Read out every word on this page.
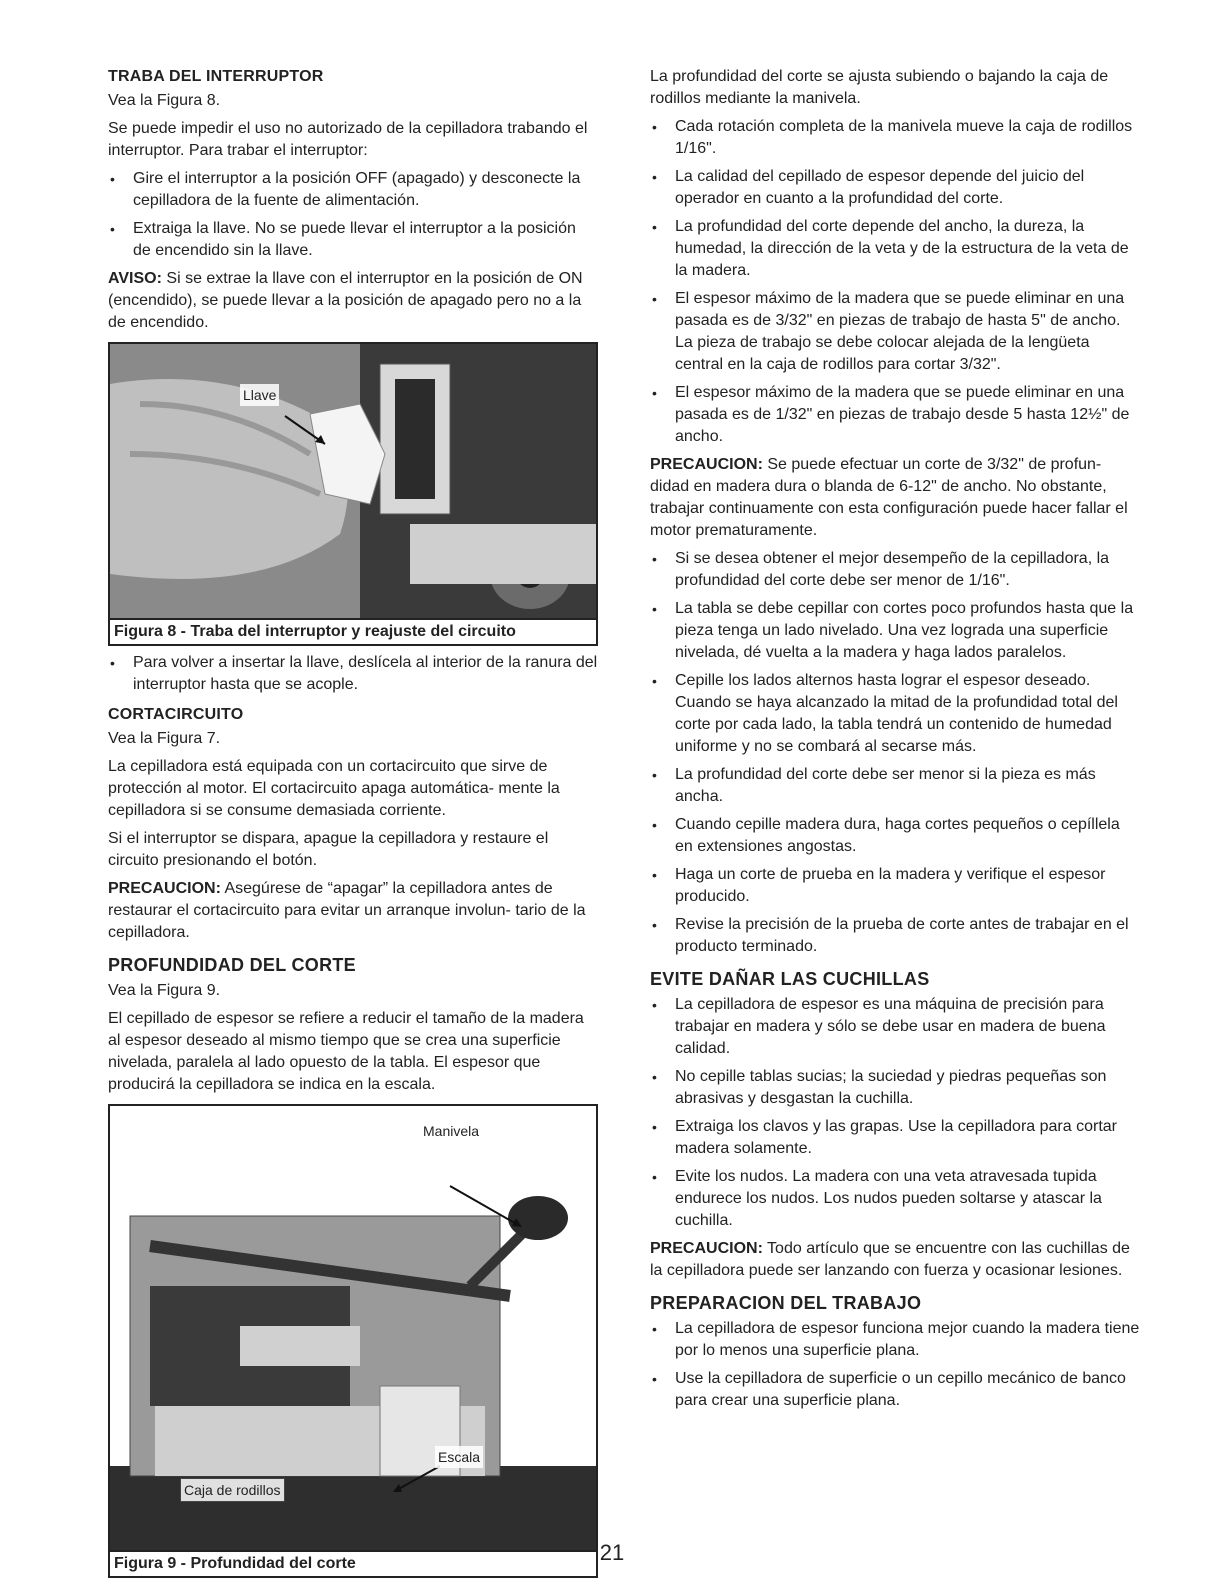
TRABA DEL INTERRUPTOR

Vea la Figura 8.

Se puede impedir el uso no autorizado de la cepilladora trabando el interruptor. Para trabar el interruptor:

• Gire el interruptor a la posición OFF (apagado) y desconecte la cepilladora de la fuente de alimentación.
• Extraiga la llave. No se puede llevar el interruptor a la posición de encendido sin la llave.

AVISO: Si se extrae la llave con el interruptor en la posición de ON (encendido), se puede llevar a la posición de apagado pero no a la de encendido.

Llave
Figura 8 - Traba del interruptor y reajuste del circuito
• Para volver a insertar la llave, deslícela al interior de la ranura del interruptor hasta que se acople.
CORTACIRCUITO

Vea la Figura 7.

La cepilladora está equipada con un cortacircuito que sirve de protección al motor. El cortacircuito apaga automática- mente la cepilladora si se consume demasiada corriente.

Si el interruptor se dispara, apague la cepilladora y restaure el circuito presionando el botón.

PRECAUCION: Asegúrese de “apagar” la cepilladora antes de restaurar el cortacircuito para evitar un arranque involun- tario de la cepilladora.

PROFUNDIDAD DEL CORTE

Vea la Figura 9.

El cepillado de espesor se refiere a reducir el tamaño de la madera al espesor deseado al mismo tiempo que se crea una superficie nivelada, paralela al lado opuesto de la tabla. El espesor que producirá la cepilladora se indica en la escala.

Manivela
Escala
Caja de rodillos
Figura 9 - Profundidad del corte

La profundidad del corte se ajusta subiendo o bajando la caja de rodillos mediante la manivela.

• Cada rotación completa de la manivela mueve la caja de rodillos 1/16".
• La calidad del cepillado de espesor depende del juicio del operador en cuanto a la profundidad del corte.
• La profundidad del corte depende del ancho, la dureza, la humedad, la dirección de la veta y de la estructura de la veta de la madera.
• El espesor máximo de la madera que se puede eliminar en una pasada es de 3/32" en piezas de trabajo de hasta 5" de ancho. La pieza de trabajo se debe colocar alejada de la lengüeta central en la caja de rodillos para cortar 3/32".
• El espesor máximo de la madera que se puede eliminar en una pasada es de 1/32" en piezas de trabajo desde 5 hasta 12½" de ancho.

PRECAUCION: Se puede efectuar un corte de 3/32" de profun- didad en madera dura o blanda de 6-12" de ancho. No obstante, trabajar continuamente con esta configuración puede hacer fallar el motor prematuramente.

• Si se desea obtener el mejor desempeño de la cepilladora, la profundidad del corte debe ser menor de 1/16".
• La tabla se debe cepillar con cortes poco profundos hasta que la pieza tenga un lado nivelado. Una vez lograda una superficie nivelada, dé vuelta a la madera y haga lados paralelos.
• Cepille los lados alternos hasta lograr el espesor deseado. Cuando se haya alcanzado la mitad de la profundidad total del corte por cada lado, la tabla tendrá un contenido de humedad uniforme y no se combará al secarse más.
• La profundidad del corte debe ser menor si la pieza es más ancha.
• Cuando cepille madera dura, haga cortes pequeños o cepíllela en extensiones angostas.
• Haga un corte de prueba en la madera y verifique el espesor producido.
• Revise la precisión de la prueba de corte antes de trabajar en el producto terminado.
EVITE DAÑAR LAS CUCHILLAS
• La cepilladora de espesor es una máquina de precisión para trabajar en madera y sólo se debe usar en madera de buena calidad.
• No cepille tablas sucias; la suciedad y piedras pequeñas son abrasivas y desgastan la cuchilla.
• Extraiga los clavos y las grapas. Use la cepilladora para cortar madera solamente.
• Evite los nudos. La madera con una veta atravesada tupida endurece los nudos. Los nudos pueden soltarse y atascar la cuchilla.

PRECAUCION: Todo artículo que se encuentre con las cuchillas de la cepilladora puede ser lanzando con fuerza y ocasionar lesiones.

PREPARACION DEL TRABAJO
• La cepilladora de espesor funciona mejor cuando la madera tiene por lo menos una superficie plana.
• Use la cepilladora de superficie o un cepillo mecánico de banco para crear una superficie plana.
21
